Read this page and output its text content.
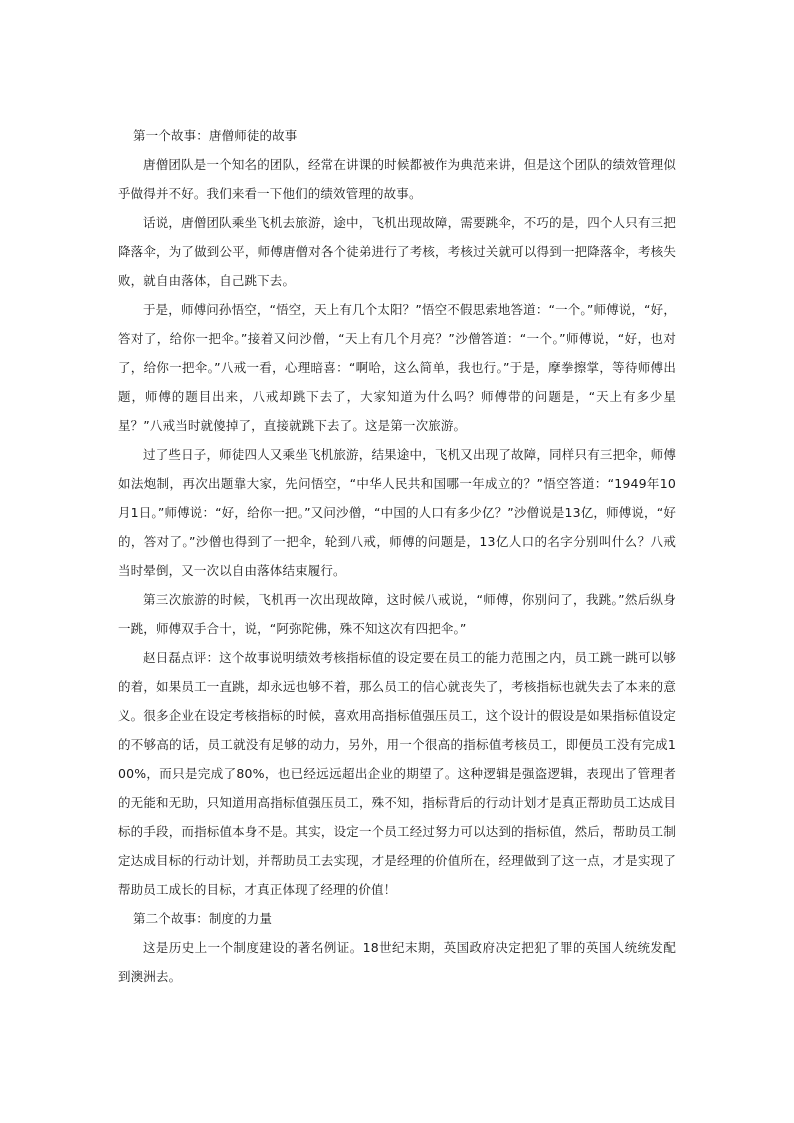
第一个故事：唐僧师徒的故事

唐僧团队是一个知名的团队，经常在讲课的时候都被作为典范来讲，但是这个团队的绩效管理似乎做得并不好。我们来看一下他们的绩效管理的故事。

话说，唐僧团队乘坐飞机去旅游，途中，飞机出现故障，需要跳伞，不巧的是，四个人只有三把降落伞，为了做到公平，师傅唐僧对各个徒弟进行了考核，考核过关就可以得到一把降落伞，考核失败，就自由落体，自己跳下去。

于是，师傅问孙悟空，“悟空，天上有几个太阳？”悟空不假思索地答道：“一个。”师傅说，“好，答对了，给你一把伞。”接着又问沙僧，“天上有几个月亮？”沙僧答道：“一个。”师傅说，“好，也对了，给你一把伞。”八戒一看，心理暗喜：“啊哈，这么简单，我也行。”于是，摩拳擦掌，等待师傅出题，师傅的题目出来，八戒却跳下去了，大家知道为什么吗？师傅带的问题是，“天上有多少星星？”八戒当时就傻掉了，直接就跳下去了。这是第一次旅游。

过了些日子，师徒四人又乘坐飞机旅游，结果途中，飞机又出现了故障，同样只有三把伞，师傅如法炮制，再次出题靠大家，先问悟空，“中华人民共和国哪一年成立的？”悟空答道：“1949年10月1日。”师傅说：“好，给你一把。”又问沙僧，“中国的人口有多少亿？”沙僧说是13亿，师傅说，“好的，答对了。”沙僧也得到了一把伞，轮到八戒，师傅的问题是，13亿人口的名字分别叫什么？八戒当时晕倒，又一次以自由落体结束履行。

第三次旅游的时候，飞机再一次出现故障，这时候八戒说，“师傅，你别问了，我跳。”然后纵身一跳，师傅双手合十，说，“阿弥陀佛，殊不知这次有四把伞。”

赵日磊点评：这个故事说明绩效考核指标值的设定要在员工的能力范围之内，员工跳一跳可以够的着，如果员工一直跳，却永远也够不着，那么员工的信心就丧失了，考核指标也就失去了本来的意义。很多企业在设定考核指标的时候，喜欢用高指标值强压员工，这个设计的假设是如果指标值设定的不够高的话，员工就没有足够的动力，另外，用一个很高的指标值考核员工，即便员工没有完成100%，而只是完成了80%，也已经远远超出企业的期望了。这种逻辑是强盗逻辑，表现出了管理者的无能和无助，只知道用高指标值强压员工，殊不知，指标背后的行动计划才是真正帮助员工达成目标的手段，而指标值本身不是。其实，设定一个员工经过努力可以达到的指标值，然后，帮助员工制定达成目标的行动计划，并帮助员工去实现，才是经理的价值所在，经理做到了这一点，才是实现了帮助员工成长的目标，才真正体现了经理的价值！

第二个故事：制度的力量

这是历史上一个制度建设的著名例证。18世纪末期，英国政府决定把犯了罪的英国人统统发配到澳洲去。
